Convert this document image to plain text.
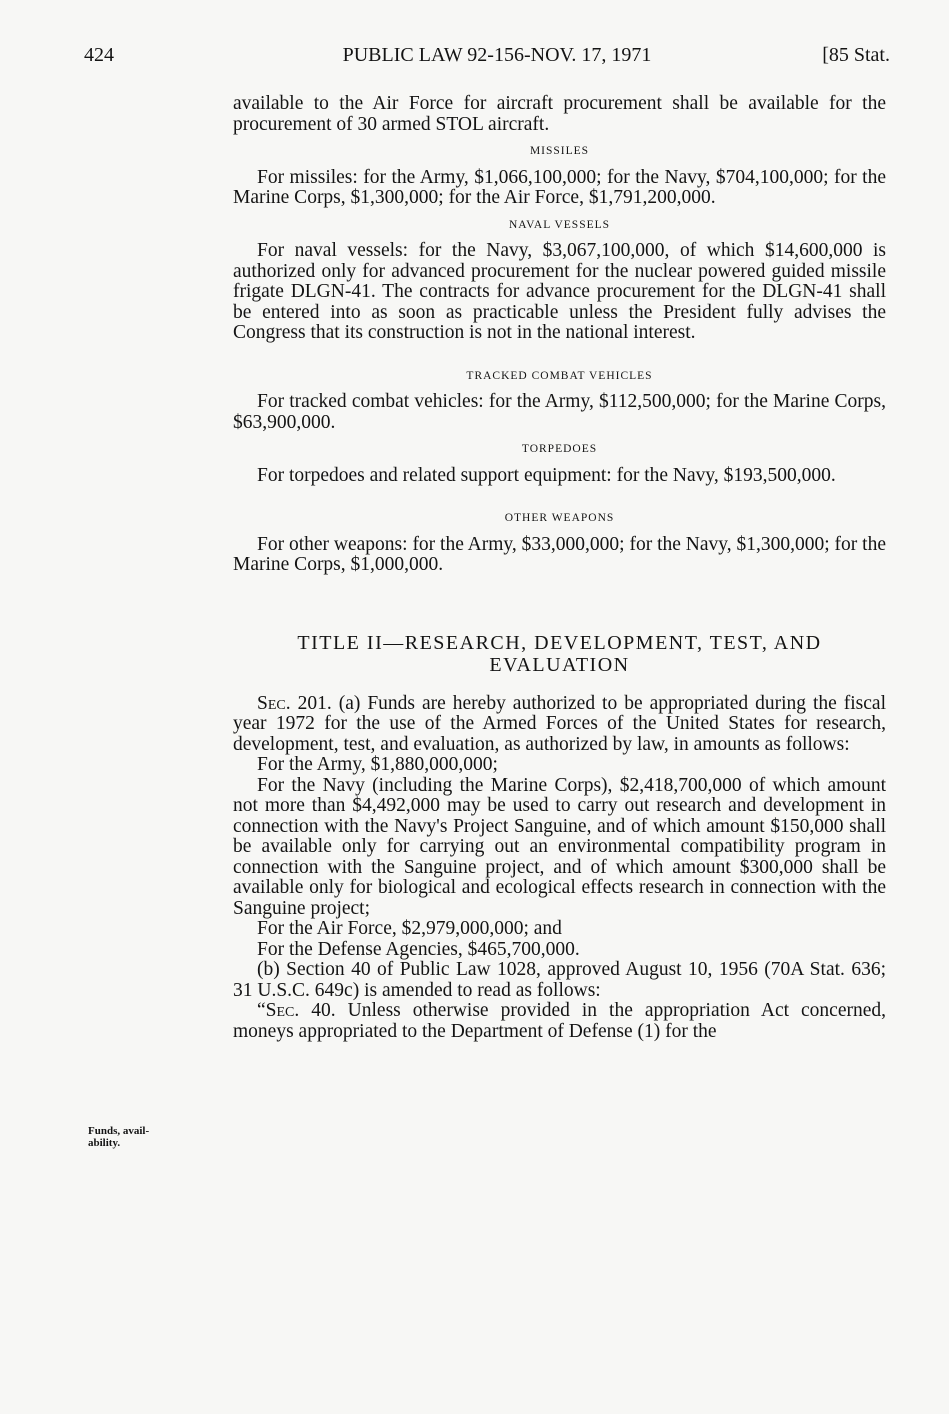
424	PUBLIC LAW 92-156-NOV. 17, 1971	[85 Stat.

available to the Air Force for aircraft procurement shall be available for the procurement of 30 armed STOL aircraft.

MISSILES

For missiles: for the Army, $1,066,100,000; for the Navy, $704,100,000; for the Marine Corps, $1,300,000; for the Air Force, $1,791,200,000.

NAVAL VESSELS

For naval vessels: for the Navy, $3,067,100,000, of which $14,600,000 is authorized only for advanced procurement for the nuclear powered guided missile frigate DLGN-41. The contracts for advance procurement for the DLGN-41 shall be entered into as soon as practicable unless the President fully advises the Congress that its construction is not in the national interest.

TRACKED COMBAT VEHICLES

For tracked combat vehicles: for the Army, $112,500,000; for the Marine Corps, $63,900,000.

TORPEDOES

For torpedoes and related support equipment: for the Navy, $193,500,000.

OTHER WEAPONS

For other weapons: for the Army, $33,000,000; for the Navy, $1,300,000; for the Marine Corps, $1,000,000.

TITLE II—RESEARCH, DEVELOPMENT, TEST, AND
EVALUATION

Sec. 201. (a) Funds are hereby authorized to be appropriated during the fiscal year 1972 for the use of the Armed Forces of the United States for research, development, test, and evaluation, as authorized by law, in amounts as follows:

For the Army, $1,880,000,000;

For the Navy (including the Marine Corps), $2,418,700,000 of which amount not more than $4,492,000 may be used to carry out research and development in connection with the Navy's Project Sanguine, and of which amount $150,000 shall be available only for carrying out an environmental compatibility program in connection with the Sanguine project, and of which amount $300,000 shall be available only for biological and ecological effects research in connection with the Sanguine project;

For the Air Force, $2,979,000,000; and

For the Defense Agencies, $465,700,000.

(b) Section 40 of Public Law 1028, approved August 10, 1956 (70A Stat. 636; 31 U.S.C. 649c) is amended to read as follows:

“Sec. 40. Unless otherwise provided in the appropriation Act concerned, moneys appropriated to the Department of Defense (1) for the

Funds, avail-
ability.
